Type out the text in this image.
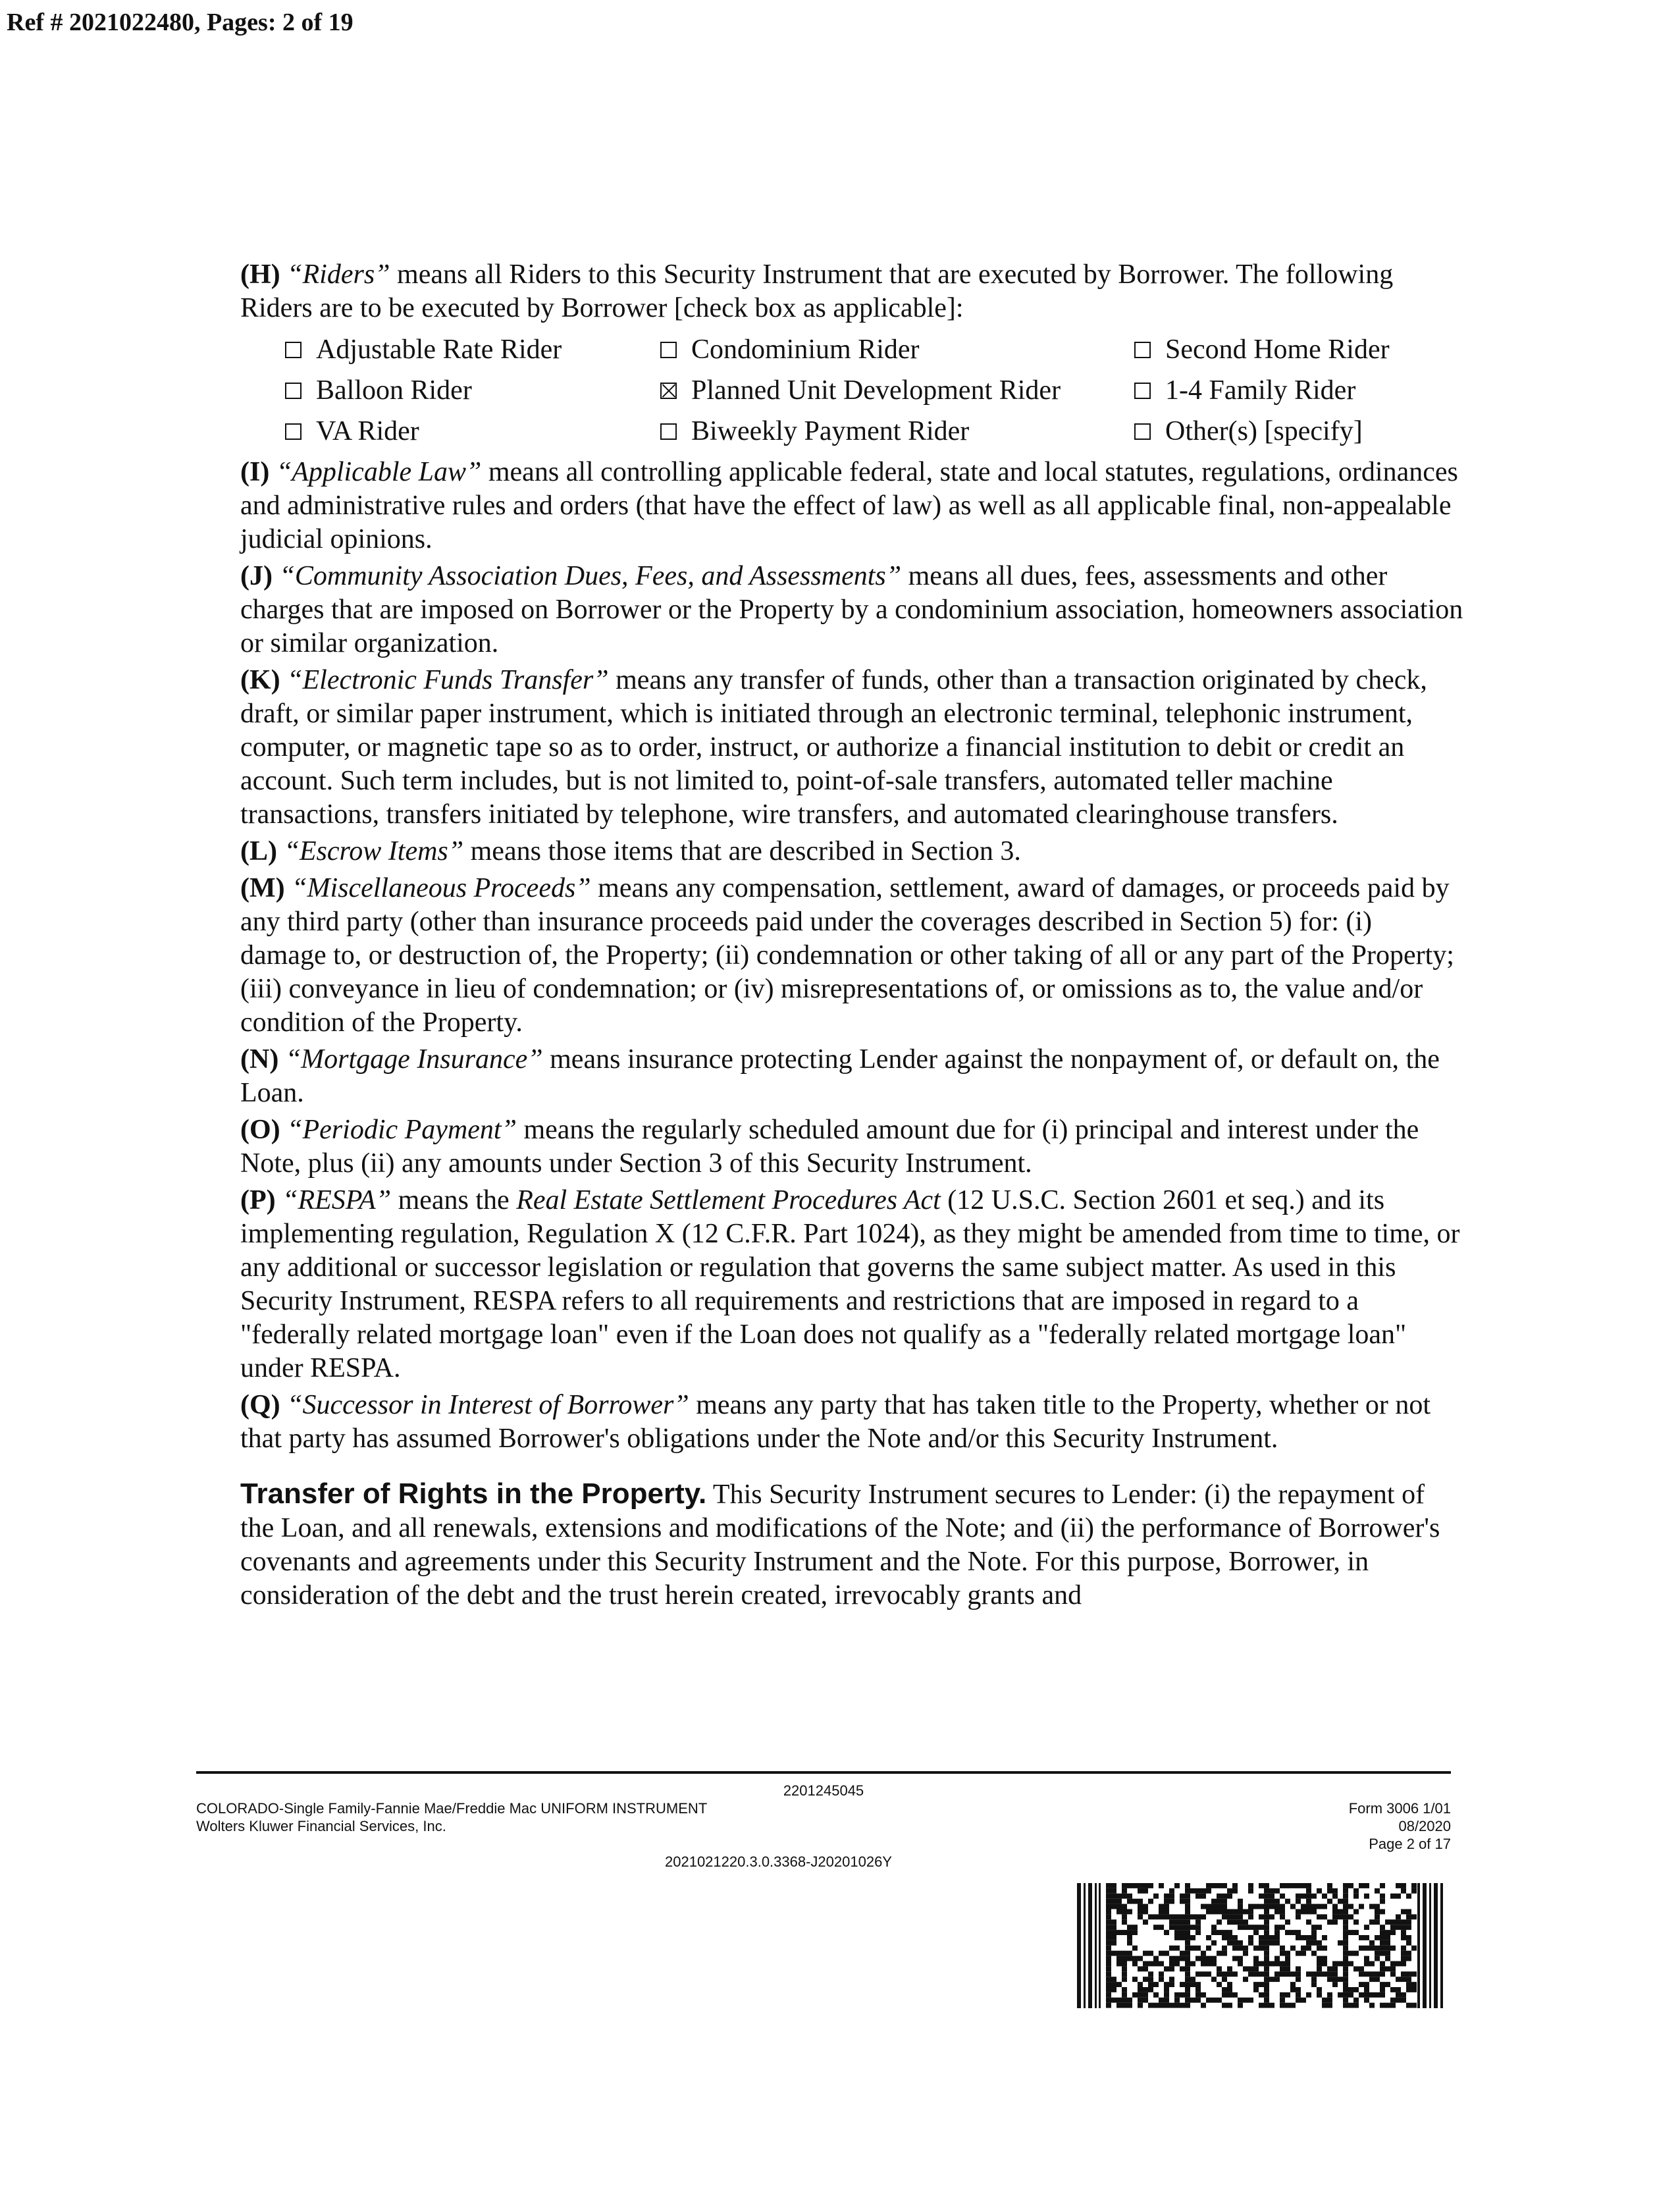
Ref # 2021022480, Pages: 2 of 19

(H) “Riders” means all Riders to this Security Instrument that are executed by Borrower. The following Riders are to be executed by Borrower [check box as applicable]:

Adjustable Rate Rider	Condominium Rider	Second Home Rider
Balloon Rider	Planned Unit Development Rider	1-4 Family Rider
VA Rider	Biweekly Payment Rider	Other(s) [specify]

(I) “Applicable Law” means all controlling applicable federal, state and local statutes, regulations, ordinances and administrative rules and orders (that have the effect of law) as well as all applicable final, non-appealable judicial opinions.

(J) “Community Association Dues, Fees, and Assessments” means all dues, fees, assessments and other charges that are imposed on Borrower or the Property by a condominium association, homeowners association or similar organization.

(K) “Electronic Funds Transfer” means any transfer of funds, other than a transaction originated by check, draft, or similar paper instrument, which is initiated through an electronic terminal, telephonic instrument, computer, or magnetic tape so as to order, instruct, or authorize a financial institution to debit or credit an account. Such term includes, but is not limited to, point-of-sale transfers, automated teller machine transactions, transfers initiated by telephone, wire transfers, and automated clearinghouse transfers.

(L) “Escrow Items” means those items that are described in Section 3.

(M) “Miscellaneous Proceeds” means any compensation, settlement, award of damages, or proceeds paid by any third party (other than insurance proceeds paid under the coverages described in Section 5) for: (i) damage to, or destruction of, the Property; (ii) condemnation or other taking of all or any part of the Property; (iii) conveyance in lieu of condemnation; or (iv) misrepresentations of, or omissions as to, the value and/or condition of the Property.

(N) “Mortgage Insurance” means insurance protecting Lender against the nonpayment of, or default on, the Loan.

(O) “Periodic Payment” means the regularly scheduled amount due for (i) principal and interest under the Note, plus (ii) any amounts under Section 3 of this Security Instrument.

(P) “RESPA” means the Real Estate Settlement Procedures Act (12 U.S.C. Section 2601 et seq.) and its implementing regulation, Regulation X (12 C.F.R. Part 1024), as they might be amended from time to time, or any additional or successor legislation or regulation that governs the same subject matter. As used in this Security Instrument, RESPA refers to all requirements and restrictions that are imposed in regard to a "federally related mortgage loan" even if the Loan does not qualify as a "federally related mortgage loan" under RESPA.

(Q) “Successor in Interest of Borrower” means any party that has taken title to the Property, whether or not that party has assumed Borrower's obligations under the Note and/or this Security Instrument.

Transfer of Rights in the Property. This Security Instrument secures to Lender: (i) the repayment of the Loan, and all renewals, extensions and modifications of the Note; and (ii) the performance of Borrower's covenants and agreements under this Security Instrument and the Note. For this purpose, Borrower, in consideration of the debt and the trust herein created, irrevocably grants and

2201245045
COLORADO-Single Family-Fannie Mae/Freddie Mac UNIFORM INSTRUMENT
Wolters Kluwer Financial Services, Inc.
Form 3006 1/01
08/2020
Page 2 of 17
2021021220.3.0.3368-J20201026Y
